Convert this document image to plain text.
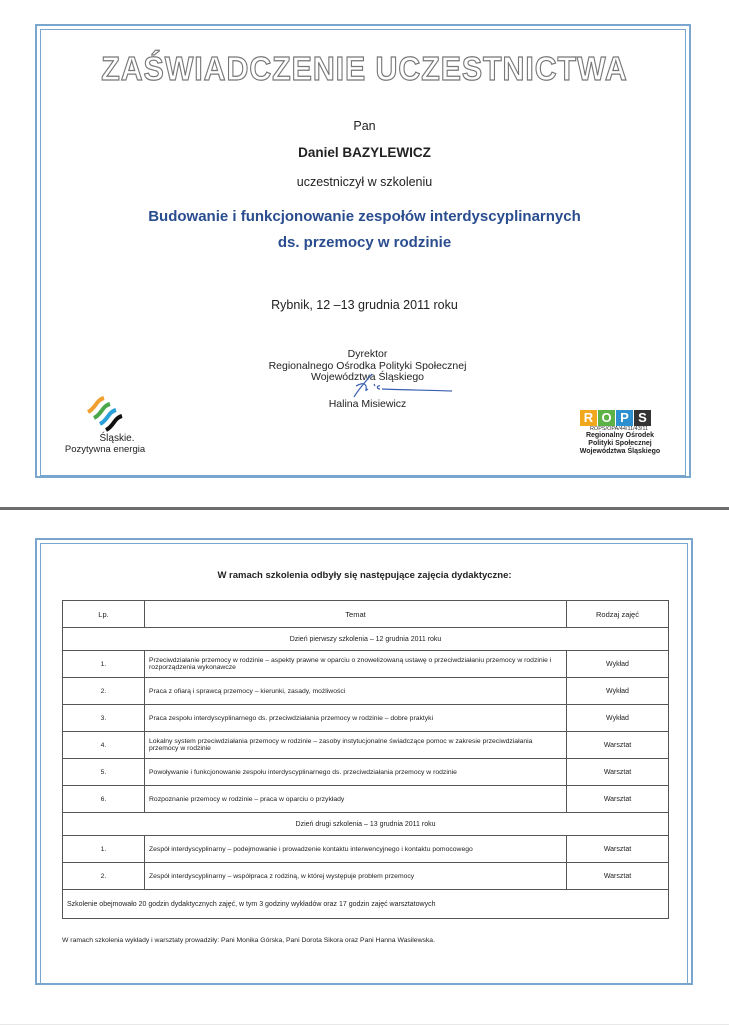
ZAŚWIADCZENIE UCZESTNICTWA
Pan
Daniel BAZYLEWICZ
uczestniczył w szkoleniu
Budowanie i funkcjonowanie zespołów interdyscyplinarnych
ds. przemocy w rodzinie
Rybnik, 12 –13 grudnia 2011 roku
Dyrektor
Regionalnego Ośrodka Polityki Społecznej
Województwa Śląskiego
Halina Misiewicz
Śląskie.
Pozytywna energia
R O P S
ROPS/OPA/44/11/43/11
Regionalny Ośrodek
Polityki Społecznej
Województwa Śląskiego
W ramach szkolenia odbyły się następujące zajęcia dydaktyczne:
Lp.	Temat	Rodzaj zajęć
Dzień pierwszy szkolenia – 12 grudnia 2011 roku		
1.	Przeciwdziałanie przemocy w rodzinie – aspekty prawne w oparciu o znowelizowaną ustawę o przeciwdziałaniu przemocy w rodzinie i rozporządzenia wykonawcze	Wykład
2.	Praca z ofiarą i sprawcą przemocy – kierunki, zasady, możliwości	Wykład
3.	Praca zespołu interdyscyplinarnego ds. przeciwdziałania przemocy w rodzinie – dobre praktyki	Wykład
4.	Lokalny system przeciwdziałania przemocy w rodzinie – zasoby instytucjonalne świadczące pomoc w zakresie przeciwdziałania przemocy w rodzinie	Warsztat
5.	Powoływanie i funkcjonowanie zespołu interdyscyplinarnego ds. przeciwdziałania przemocy w rodzinie	Warsztat
6.	Rozpoznanie przemocy w rodzinie – praca w oparciu o przykłady	Warsztat
Dzień drugi szkolenia – 13 grudnia 2011 roku		
1.	Zespół interdyscyplinarny – podejmowanie i prowadzenie kontaktu interwencyjnego i kontaktu pomocowego	Warsztat
2.	Zespół interdyscyplinarny – współpraca z rodziną, w której występuje problem przemocy	Warsztat
Szkolenie obejmowało 20 godzin dydaktycznych zajęć, w tym 3 godziny wykładów oraz 17 godzin zajęć warsztatowych		
W ramach szkolenia wykłady i warsztaty prowadziły: Pani Monika Górska, Pani Dorota Sikora oraz Pani Hanna Wasilewska.
